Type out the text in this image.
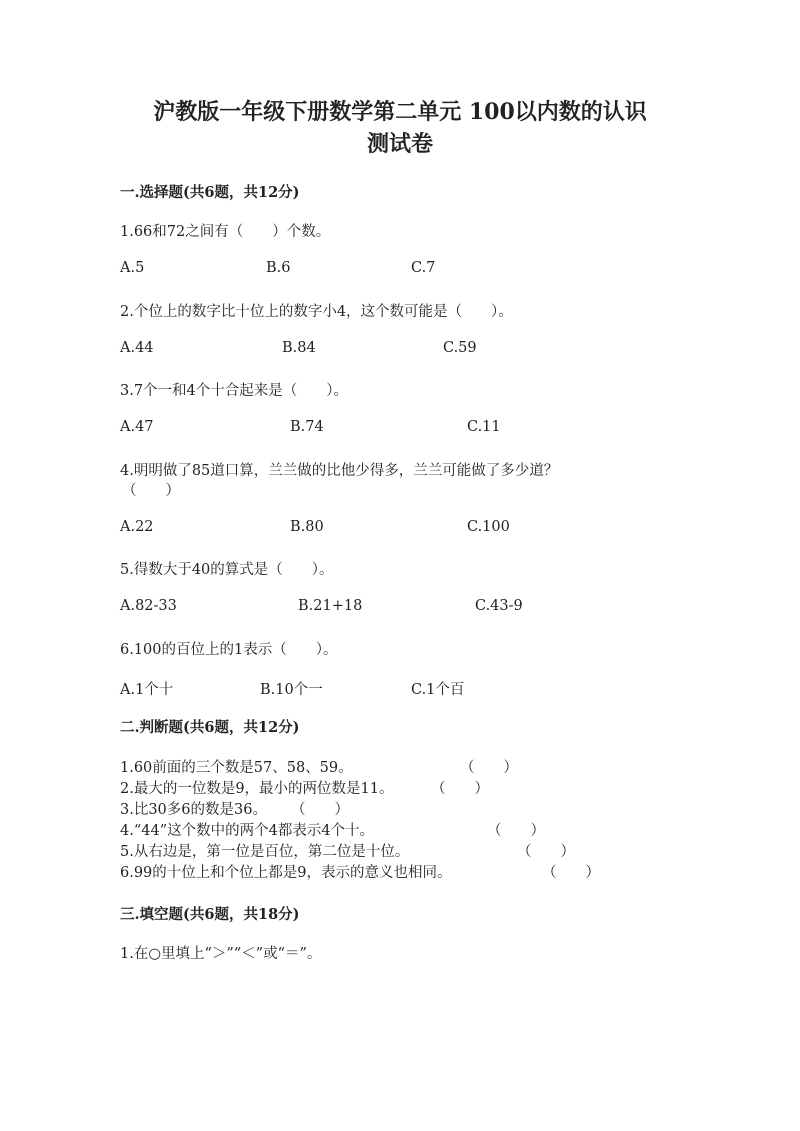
沪教版一年级下册数学第二单元 100以内数的认识
测试卷
一.选择题(共6题，共12分)
1.66和72之间有（　　）个数。
A.5	B.6	C.7
2.个位上的数字比十位上的数字小4，这个数可能是（　　）。
A.44	B.84	C.59
3.7个一和4个十合起来是（　　）。
A.47	B.74	C.11
4.明明做了85道口算，兰兰做的比他少得多，兰兰可能做了多少道？
（　　）
A.22	B.80	C.100
5.得数大于40的算式是（　　）。
A.82-33	B.21+18	C.43-9
6.100的百位上的1表示（　　）。
A.1个十	B.10个一	C.1个百
二.判断题(共6题，共12分)
1.60前面的三个数是57、58、59。	（　　）
2.最大的一位数是9，最小的两位数是11。	（　　）
3.比30多6的数是36。 （　　）
4.“44”这个数中的两个4都表示4个十。	（　　）
5.从右边是，第一位是百位，第二位是十位。	（　　）
6.99的十位上和个位上都是9，表示的意义也相同。	（　　）
三.填空题(共6题，共18分)
1.在○里填上“＞”“＜”或“＝”。
